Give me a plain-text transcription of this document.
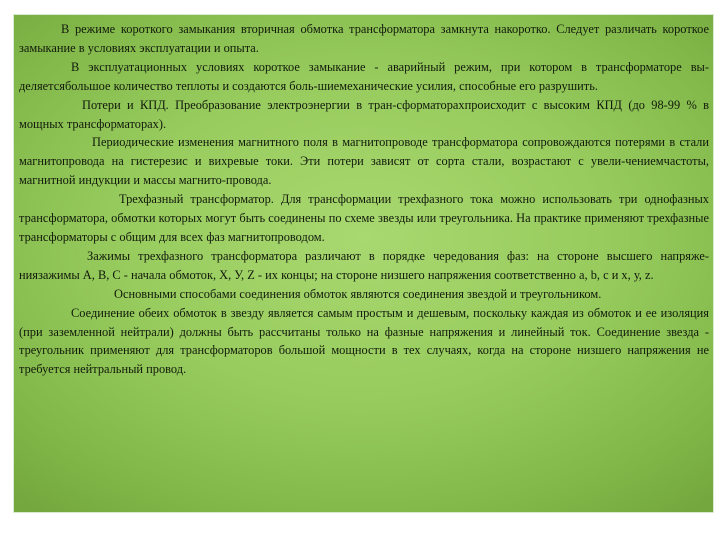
В режиме короткого замыкания вторичная обмотка трансформатора замкнута накоротко. Следует различать короткое замыкание в условиях эксплуатации и опыта.

В эксплуатационных условиях короткое замыкание - аварийный режим, при котором в трансформаторе вы-деляетсябольшое количество теплоты и создаются боль-шиемеханические усилия, способные его разрушить.

Потери и КПД. Преобразование электроэнергии в тран-сформаторахпроисходит с высоким КПД (до 98-99 % в мощных трансформаторах).

Периодические изменения магнитного поля в магнитопроводе трансформатора сопровождаются потерями в стали магнитопровода на гистерезис и вихревые токи. Эти потери зависят от сорта стали, возрастают с увели-чениемчастоты, магнитной индукции и массы магнито-провода.

Трехфазный трансформатор. Для трансформации трехфазного тока можно использовать три однофазных трансформатора, обмотки которых могут быть соединены по схеме звезды или треугольника. На практике применяют трехфазные трансформаторы с общим для всех фаз магнитопроводом.

Зажимы трехфазного трансформатора различают в порядке чередования фаз: на стороне высшего напряже-ниязажимы А, В, С - начала обмоток, X, У, Z - их концы; на стороне низшего напряжения соответственно a, b, с и х, у, z.

Основными способами соединения обмоток являются соединения звездой и треугольником.

Соединение обеих обмоток в звезду является самым простым и дешевым, поскольку каждая из обмоток и ее изоляция (при заземленной нейтрали) должны быть рассчитаны только на фазные напряжения и линейный ток. Соединение звезда - треугольник применяют для трансформаторов большой мощности в тех случаях, когда на стороне низшего напряжения не требуется нейтральный провод.
